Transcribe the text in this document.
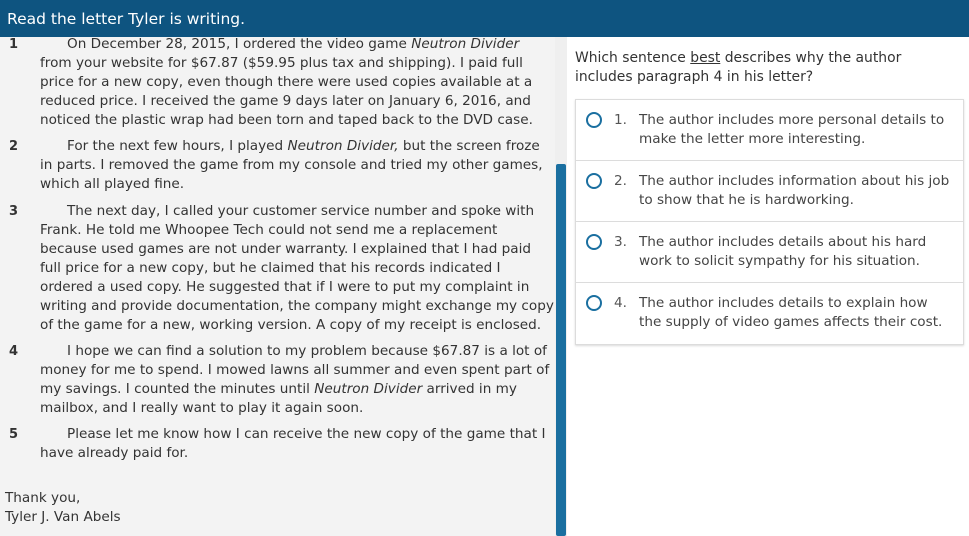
Read the letter Tyler is writing.
1	On December 28, 2015, I ordered the video game Neutron Divider from your website for $67.87 ($59.95 plus tax and shipping). I paid full price for a new copy, even though there were used copies available at a reduced price. I received the game 9 days later on January 6, 2016, and noticed the plastic wrap had been torn and taped back to the DVD case.
2	For the next few hours, I played Neutron Divider, but the screen froze in parts. I removed the game from my console and tried my other games, which all played fine.
3	The next day, I called your customer service number and spoke with Frank. He told me Whoopee Tech could not send me a replacement because used games are not under warranty. I explained that I had paid full price for a new copy, but he claimed that his records indicated I ordered a used copy. He suggested that if I were to put my complaint in writing and provide documentation, the company might exchange my copy of the game for a new, working version. A copy of my receipt is enclosed.
4	I hope we can find a solution to my problem because $67.87 is a lot of money for me to spend. I mowed lawns all summer and even spent part of my savings. I counted the minutes until Neutron Divider arrived in my mailbox, and I really want to play it again soon.
5	Please let me know how I can receive the new copy of the game that I have already paid for.
Thank you,
Tyler J. Van Abels
Which sentence best describes why the author includes paragraph 4 in his letter?
1. The author includes more personal details to make the letter more interesting.
2. The author includes information about his job to show that he is hardworking.
3. The author includes details about his hard work to solicit sympathy for his situation.
4. The author includes details to explain how the supply of video games affects their cost.
